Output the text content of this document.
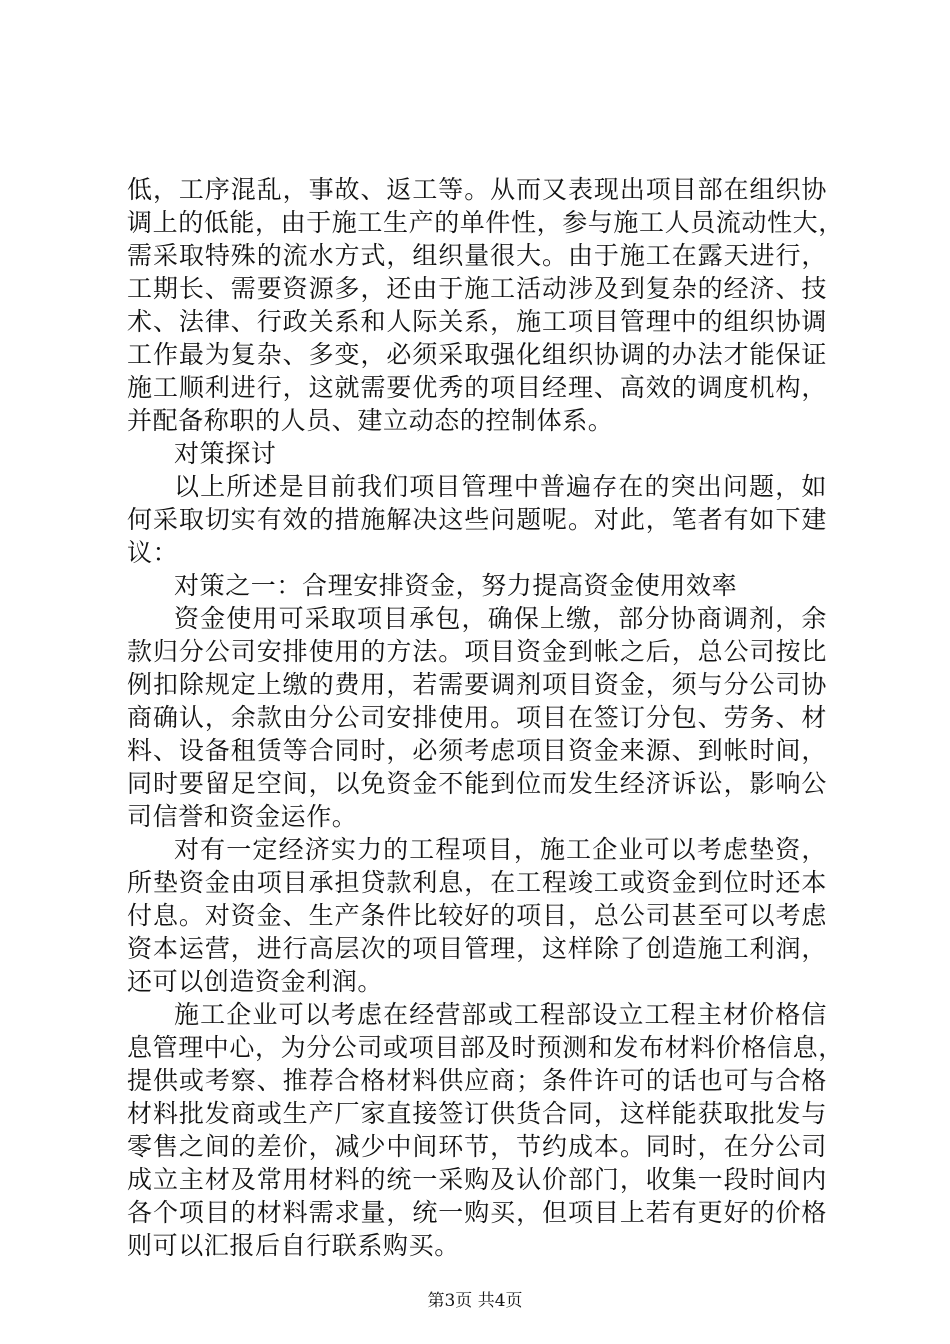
低，工序混乱，事故、返工等。从而又表现出项目部在组织协
调上的低能，由于施工生产的单件性，参与施工人员流动性大，
需采取特殊的流水方式，组织量很大。由于施工在露天进行，
工期长、需要资源多，还由于施工活动涉及到复杂的经济、技
术、法律、行政关系和人际关系，施工项目管理中的组织协调
工作最为复杂、多变，必须采取强化组织协调的办法才能保证
施工顺利进行，这就需要优秀的项目经理、高效的调度机构，
并配备称职的人员、建立动态的控制体系。
对策探讨
以上所述是目前我们项目管理中普遍存在的突出问题，如
何采取切实有效的措施解决这些问题呢。对此，笔者有如下建
议：
对策之一：合理安排资金，努力提高资金使用效率
资金使用可采取项目承包，确保上缴，部分协商调剂，余
款归分公司安排使用的方法。项目资金到帐之后，总公司按比
例扣除规定上缴的费用，若需要调剂项目资金，须与分公司协
商确认，余款由分公司安排使用。项目在签订分包、劳务、材
料、设备租赁等合同时，必须考虑项目资金来源、到帐时间，
同时要留足空间，以免资金不能到位而发生经济诉讼，影响公
司信誉和资金运作。
对有一定经济实力的工程项目，施工企业可以考虑垫资，
所垫资金由项目承担贷款利息，在工程竣工或资金到位时还本
付息。对资金、生产条件比较好的项目，总公司甚至可以考虑
资本运营，进行高层次的项目管理，这样除了创造施工利润，
还可以创造资金利润。
施工企业可以考虑在经营部或工程部设立工程主材价格信
息管理中心，为分公司或项目部及时预测和发布材料价格信息，
提供或考察、推荐合格材料供应商；条件许可的话也可与合格
材料批发商或生产厂家直接签订供货合同，这样能获取批发与
零售之间的差价，减少中间环节，节约成本。同时，在分公司
成立主材及常用材料的统一采购及认价部门，收集一段时间内
各个项目的材料需求量，统一购买，但项目上若有更好的价格
则可以汇报后自行联系购买。
第3页 共4页
